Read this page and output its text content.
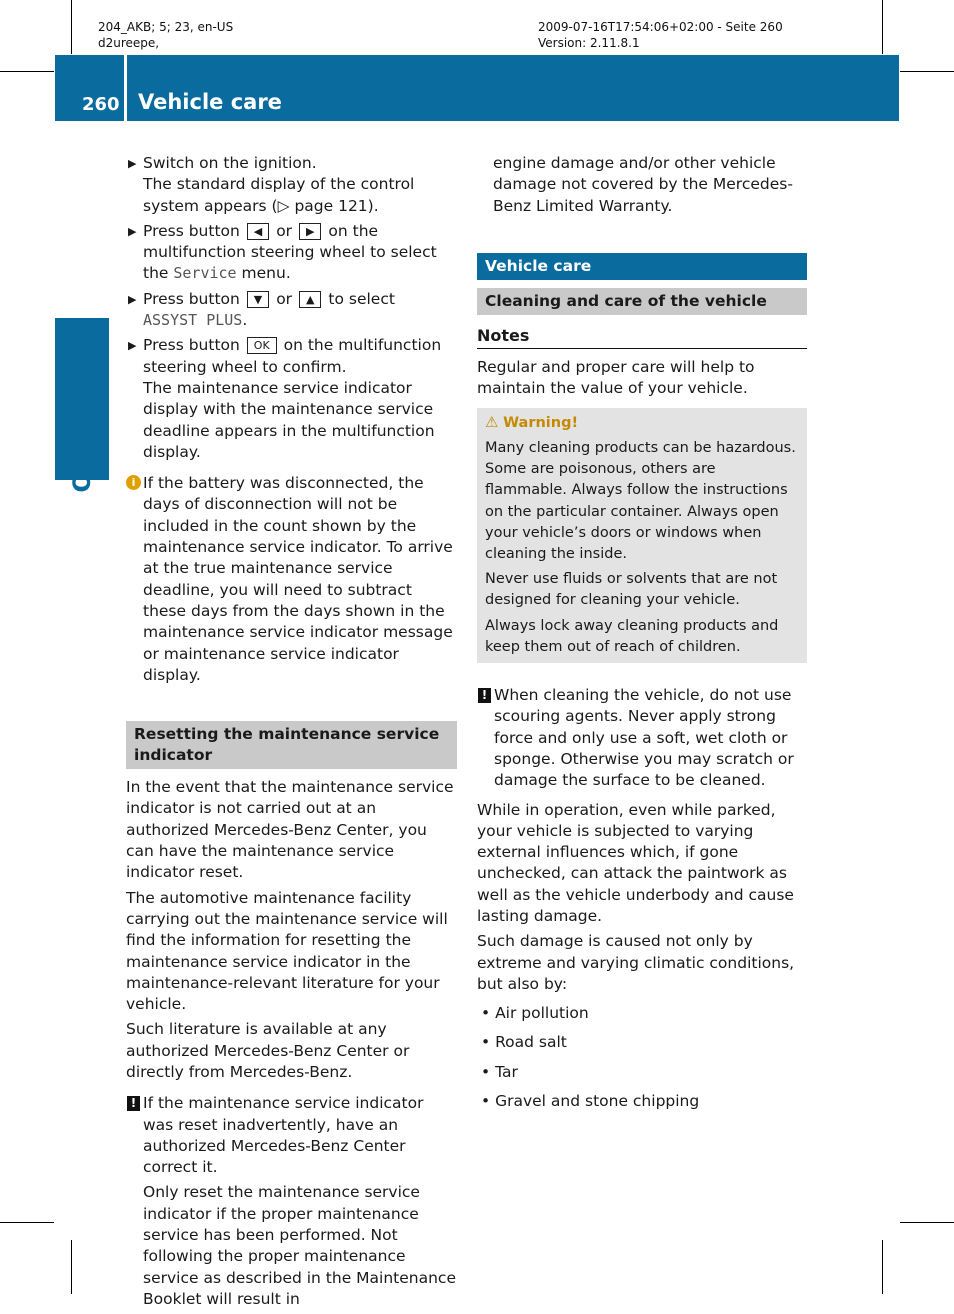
204_AKB; 5; 23, en-US
d2ureepe,
2009-07-16T17:54:06+02:00 - Seite 260
Version: 2.11.8.1
260 Vehicle care
Operation
▶ Switch on the ignition.
The standard display of the control system appears (▷ page 121).
▶ Press button ◀ or ▶ on the multifunction steering wheel to select the Service menu.
▶ Press button ▼ or ▲ to select
ASSYST PLUS.
▶ Press button OK on the multifunction steering wheel to confirm.
The maintenance service indicator display with the maintenance service deadline appears in the multifunction display.
i If the battery was disconnected, the days of disconnection will not be included in the count shown by the maintenance service indicator. To arrive at the true maintenance service deadline, you will need to subtract these days from the days shown in the maintenance service indicator message or maintenance service indicator display.
Resetting the maintenance service indicator

In the event that the maintenance service indicator is not carried out at an authorized Mercedes-Benz Center, you can have the maintenance service indicator reset.

The automotive maintenance facility carrying out the maintenance service will find the information for resetting the maintenance service indicator in the maintenance-relevant literature for your vehicle.

Such literature is available at any authorized Mercedes-Benz Center or directly from Mercedes-Benz.

! If the maintenance service indicator was reset inadvertently, have an authorized Mercedes-Benz Center correct it.

Only reset the maintenance service indicator if the proper maintenance service has been performed. Not following the proper maintenance service as described in the Maintenance Booklet will result in

engine damage and/or other vehicle damage not covered by the Mercedes-Benz Limited Warranty.

Vehicle care
Cleaning and care of the vehicle
Notes

Regular and proper care will help to maintain the value of your vehicle.

⚠ Warning!

Many cleaning products can be hazardous. Some are poisonous, others are flammable. Always follow the instructions on the particular container. Always open your vehicle’s doors or windows when cleaning the inside.

Never use fluids or solvents that are not designed for cleaning your vehicle.

Always lock away cleaning products and keep them out of reach of children.

! When cleaning the vehicle, do not use scouring agents. Never apply strong force and only use a soft, wet cloth or sponge. Otherwise you may scratch or damage the surface to be cleaned.

While in operation, even while parked, your vehicle is subjected to varying external influences which, if gone unchecked, can attack the paintwork as well as the vehicle underbody and cause lasting damage.

Such damage is caused not only by extreme and varying climatic conditions, but also by:

• Air pollution
• Road salt
• Tar
• Gravel and stone chipping
